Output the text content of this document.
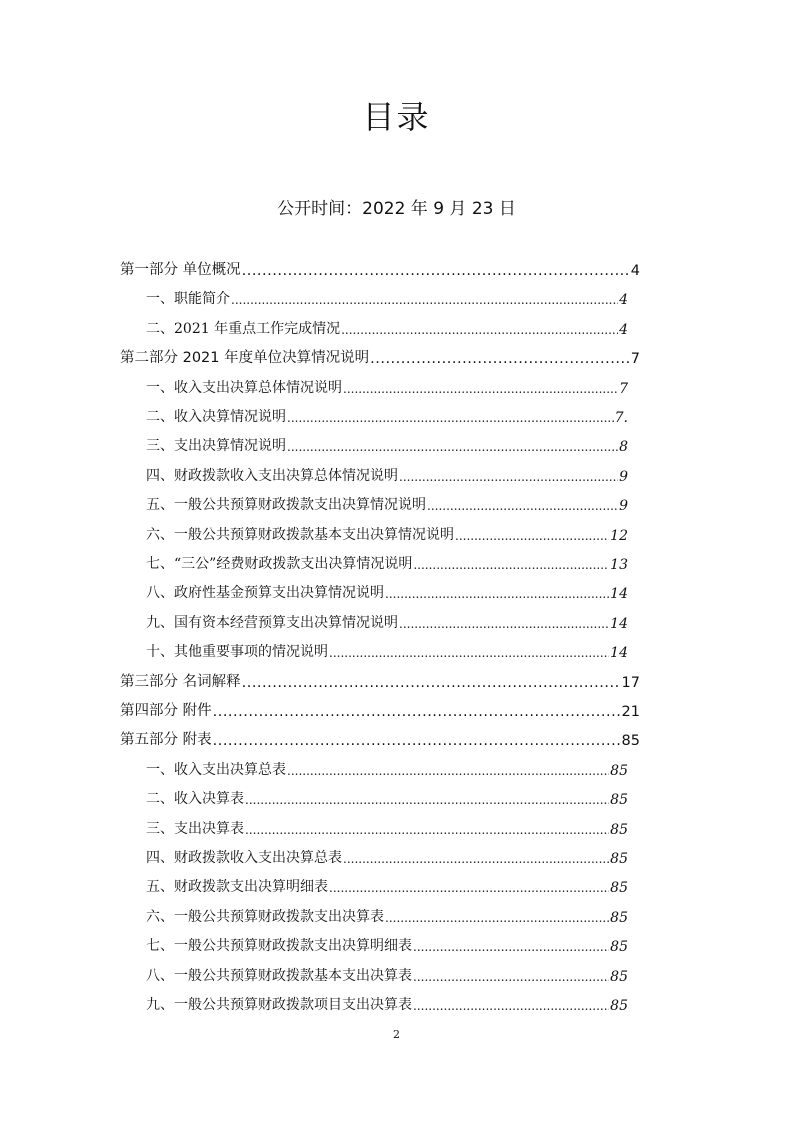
目录
公开时间：2022 年 9 月 23 日
第一部分 单位概况 .....	4
一、职能简介 .....	4
二、2021 年重点工作完成情况 .....	4
第二部分 2021 年度单位决算情况说明 .....	7
一、收入支出决算总体情况说明 .....	7
二、收入决算情况说明 .....	7.
三、支出决算情况说明 .....	8
四、财政拨款收入支出决算总体情况说明 .....	9
五、一般公共预算财政拨款支出决算情况说明 .....	9
六、一般公共预算财政拨款基本支出决算情况说明 .....	12
七、“三公”经费财政拨款支出决算情况说明 .....	13
八、政府性基金预算支出决算情况说明 .....	14
九、国有资本经营预算支出决算情况说明 .....	14
十、其他重要事项的情况说明 .....	14
第三部分 名词解释 .....	17
第四部分 附件 .....	21
第五部分 附表 .....	85
一、收入支出决算总表 .....	85
二、收入决算表 .....	85
三、支出决算表 .....	85
四、财政拨款收入支出决算总表 .....	85
五、财政拨款支出决算明细表 .....	85
六、一般公共预算财政拨款支出决算表 .....	85
七、一般公共预算财政拨款支出决算明细表 .....	85
八、一般公共预算财政拨款基本支出决算表 .....	85
九、一般公共预算财政拨款项目支出决算表 .....	85
2
